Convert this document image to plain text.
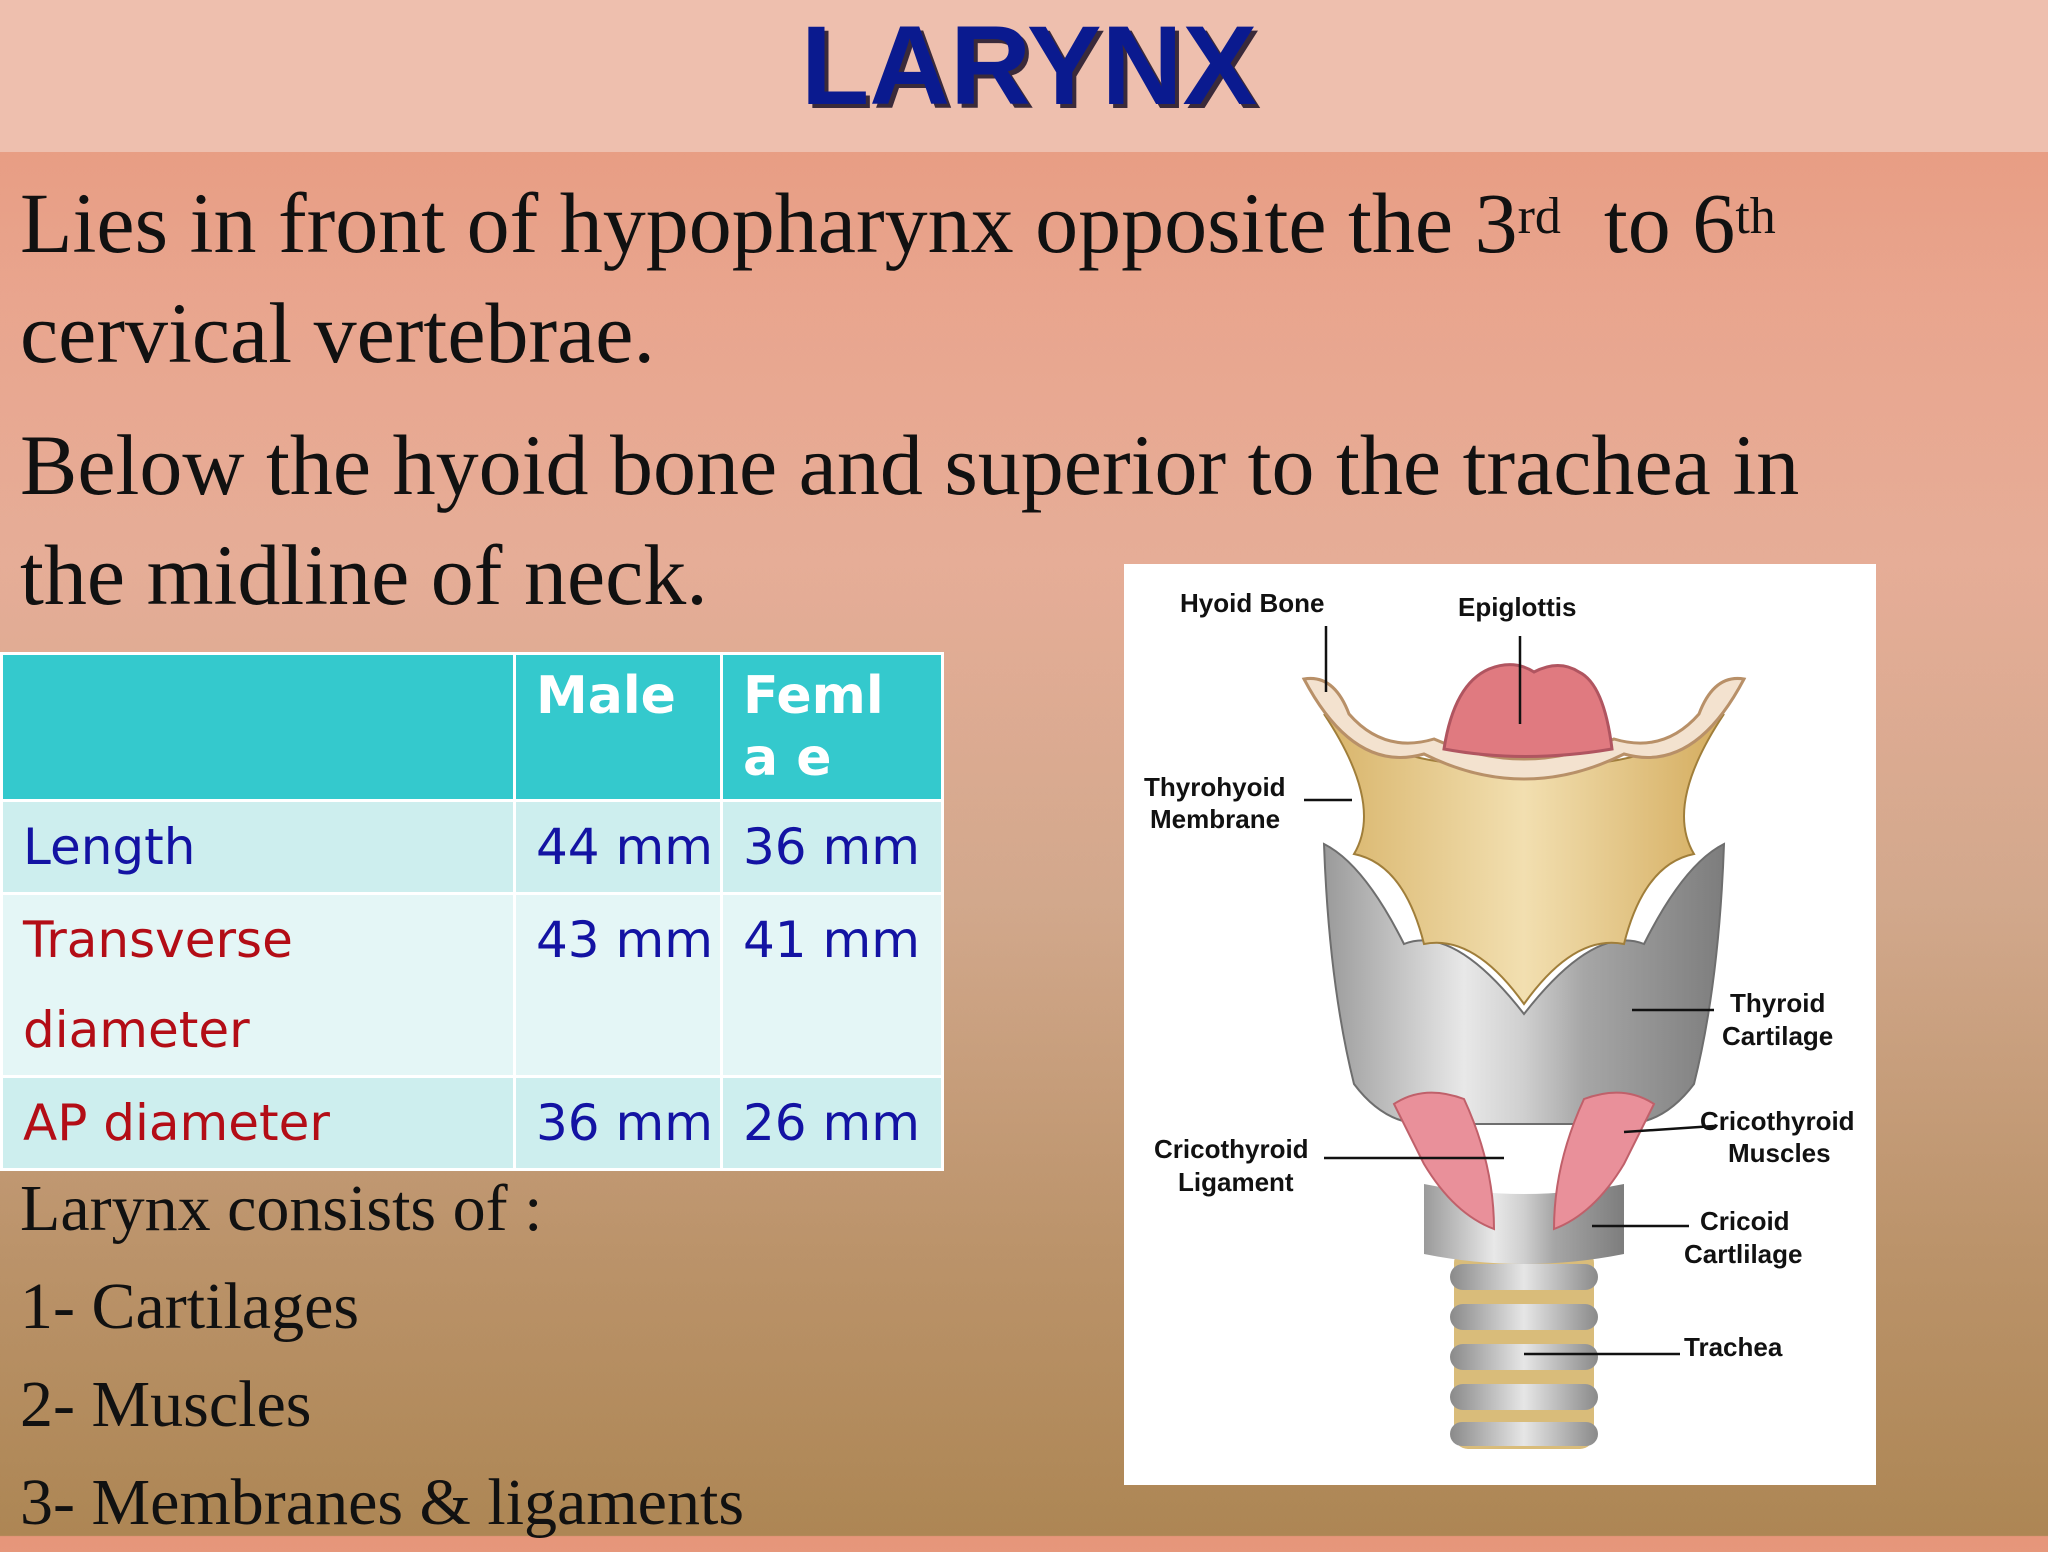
LARYNX
Lies in front of hypopharynx opposite the 3rd  to 6th
cervical vertebrae.
Below the hyoid bone and superior to the trachea in
the midline of neck.
	Male	Femla e

Length	44 mm	36 mm
Transverse diameter	43 mm	41 mm
AP diameter	36 mm	26 mm
Larynx consists of :
1- Cartilages
2- Muscles
3- Membranes & ligaments
Hyoid Bone	Epiglottis
Thyrohyoid
Membrane
Thyroid
Cartilage
Cricothyroid
Muscles
Cricothyroid
Ligament
Cricoid
Cartlilage
Trachea
